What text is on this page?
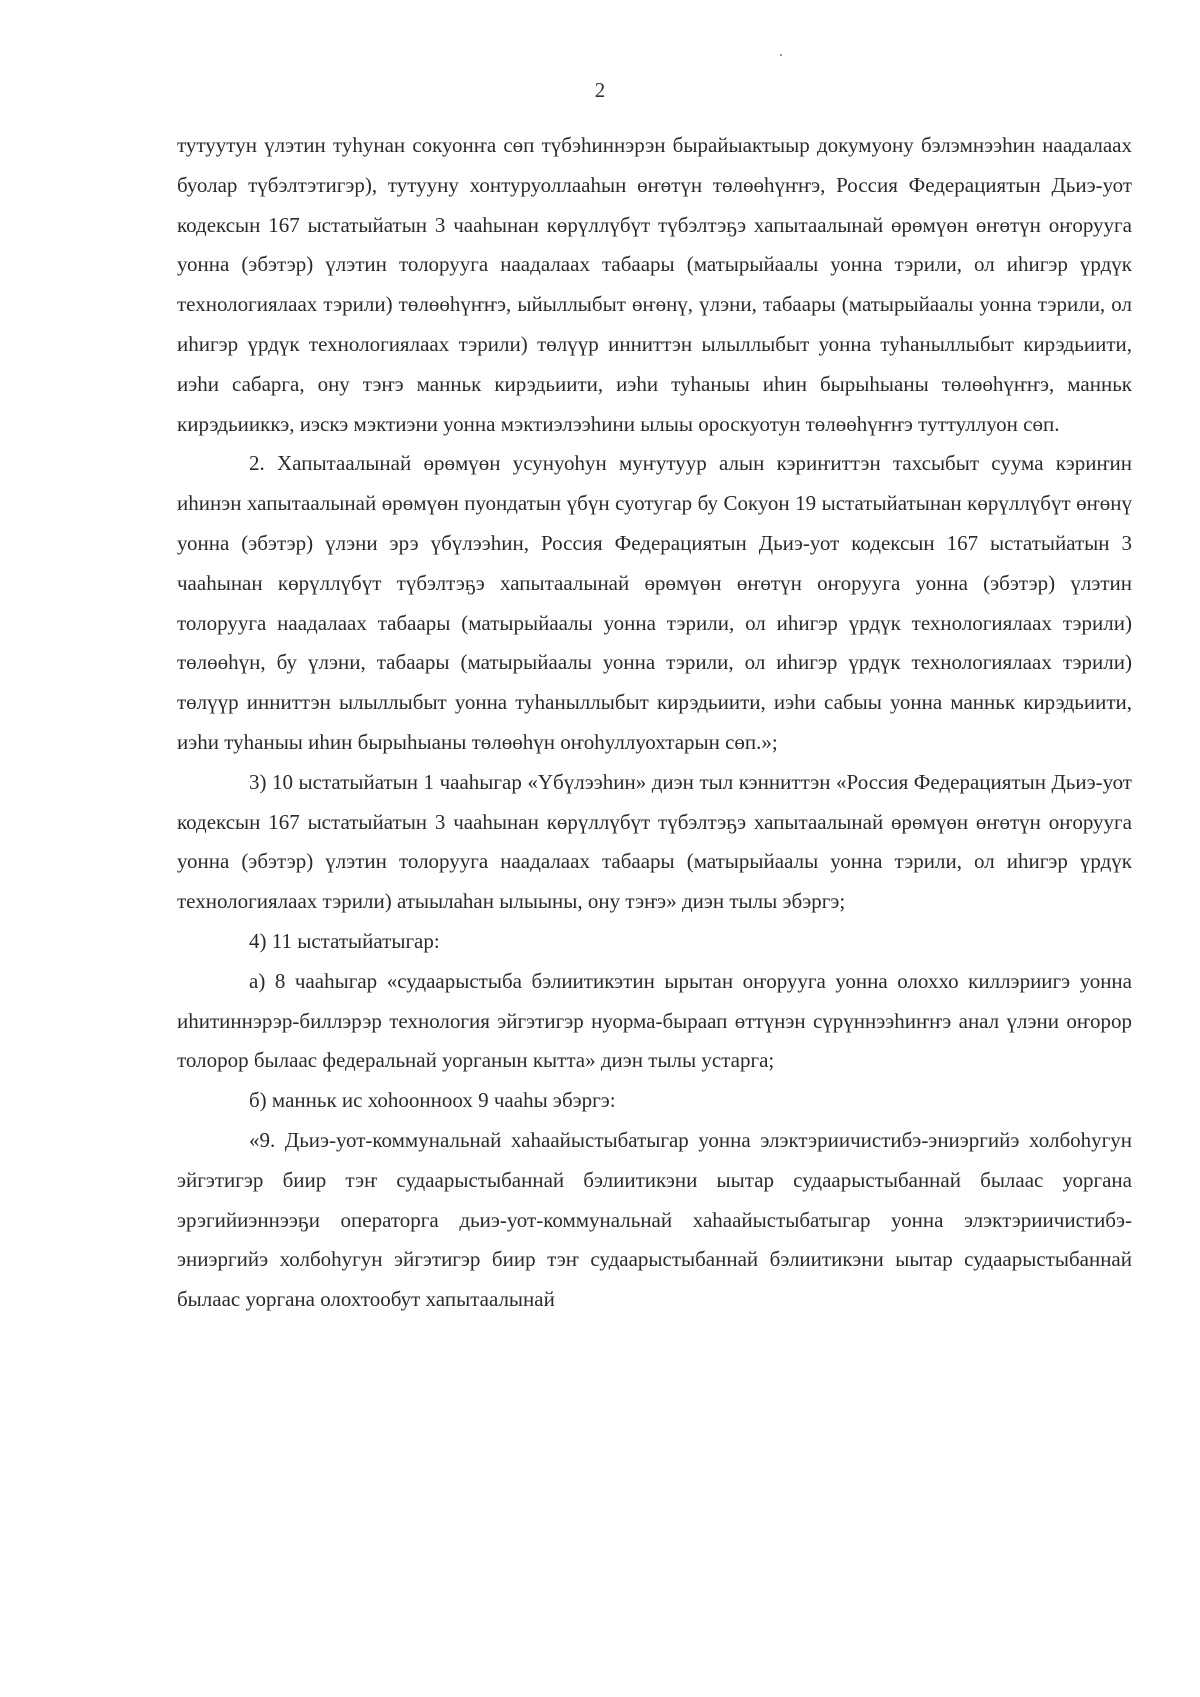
2

тутуутун үлэтин туһунан сокуонҥа сөп түбэһиннэрэн бырайыактыыр докумуону бэлэмнээһин наадалаах буолар түбэлтэтигэр), тутууну хонтуруоллааһын өҥөтүн төлөөһүҥҥэ, Россия Федерациятын Дьиэ-уот кодексын 167 ыстатыйатын 3 чааһынан көрүллүбүт түбэлтэҕэ хапытаалынай өрөмүөн өҥөтүн оҥорууга уонна (эбэтэр) үлэтин толорууга наадалаах табаары (матырыйаалы уонна тэрили, ол иһигэр үрдүк технологиялаах тэрили) төлөөһүҥҥэ, ыйыллыбыт өҥөнү, үлэни, табаары (матырыйаалы уонна тэрили, ол иһигэр үрдүк технологиялаах тэрили) төлүүр инниттэн ылыллыбыт уонна туһаныллыбыт кирэдьиити, иэһи сабарга, ону тэҥэ манньк кирэдьиити, иэһи туһаныы иһин бырыһыаны төлөөһүҥҥэ, манньк кирэдьииккэ, иэскэ мэктиэни уонна мэктиэлээһини ылыы ороскуотун төлөөһүҥҥэ туттуллуон сөп.

2. Хапытаалынай өрөмүөн усунуоһун муҥутуур алын кэриҥиттэн тахсыбыт суума кэриҥин иһинэн хапытаалынай өрөмүөн пуондатын үбүн суотугар бу Сокуон 19 ыстатыйатынан көрүллүбүт өҥөнү уонна (эбэтэр) үлэни эрэ үбүлээһин, Россия Федерациятын Дьиэ-уот кодексын 167 ыстатыйатын 3 чааһынан көрүллүбүт түбэлтэҕэ хапытаалынай өрөмүөн өҥөтүн оҥорууга уонна (эбэтэр) үлэтин толорууга наадалаах табаары (матырыйаалы уонна тэрили, ол иһигэр үрдүк технологиялаах тэрили) төлөөһүн, бу үлэни, табаары (матырыйаалы уонна тэрили, ол иһигэр үрдүк технологиялаах тэрили) төлүүр инниттэн ылыллыбыт уонна туһаныллыбыт кирэдьиити, иэһи сабыы уонна манньк кирэдьиити, иэһи туһаныы иһин бырыһыаны төлөөһүн оҥоһуллуохтарын сөп.»;

3) 10 ыстатыйатын 1 чааһыгар «Үбүлээһин» диэн тыл кэнниттэн «Россия Федерациятын Дьиэ-уот кодексын 167 ыстатыйатын 3 чааһынан көрүллүбүт түбэлтэҕэ хапытаалынай өрөмүөн өҥөтүн оҥорууга уонна (эбэтэр) үлэтин толорууга наадалаах табаары (матырыйаалы уонна тэрили, ол иһигэр үрдүк технологиялаах тэрили) атыылаһан ылыыны, ону тэҥэ» диэн тылы эбэргэ;

4) 11 ыстатыйатыгар:

а) 8 чааһыгар «судаарыстыба бэлиитикэтин ырытан оҥорууга уонна олоххо киллэриигэ уонна иһитиннэрэр-биллэрэр технология эйгэтигэр нуорма-быраап өттүнэн сүрүннээһиҥҥэ анал үлэни оҥорор толорор былаас федеральнай уорганын кытта» диэн тылы устарга;

б) манньк ис хоһоонноох 9 чааһы эбэргэ:

«9. Дьиэ-уот-коммунальнай хаһаайыстыбатыгар уонна элэктэриичистибэ-эниэргийэ холбоһугун эйгэтигэр биир тэҥ судаарыстыбаннай бэлиитикэни ыытар судаарыстыбаннай былаас уоргана эрэгийиэннээҕи операторга дьиэ-уот-коммунальнай хаһаайыстыбатыгар уонна элэктэриичистибэ-эниэргийэ холбоһугун эйгэтигэр биир тэҥ судаарыстыбаннай бэлиитикэни ыытар судаарыстыбаннай былаас уоргана олохтообут хапытаалынай
